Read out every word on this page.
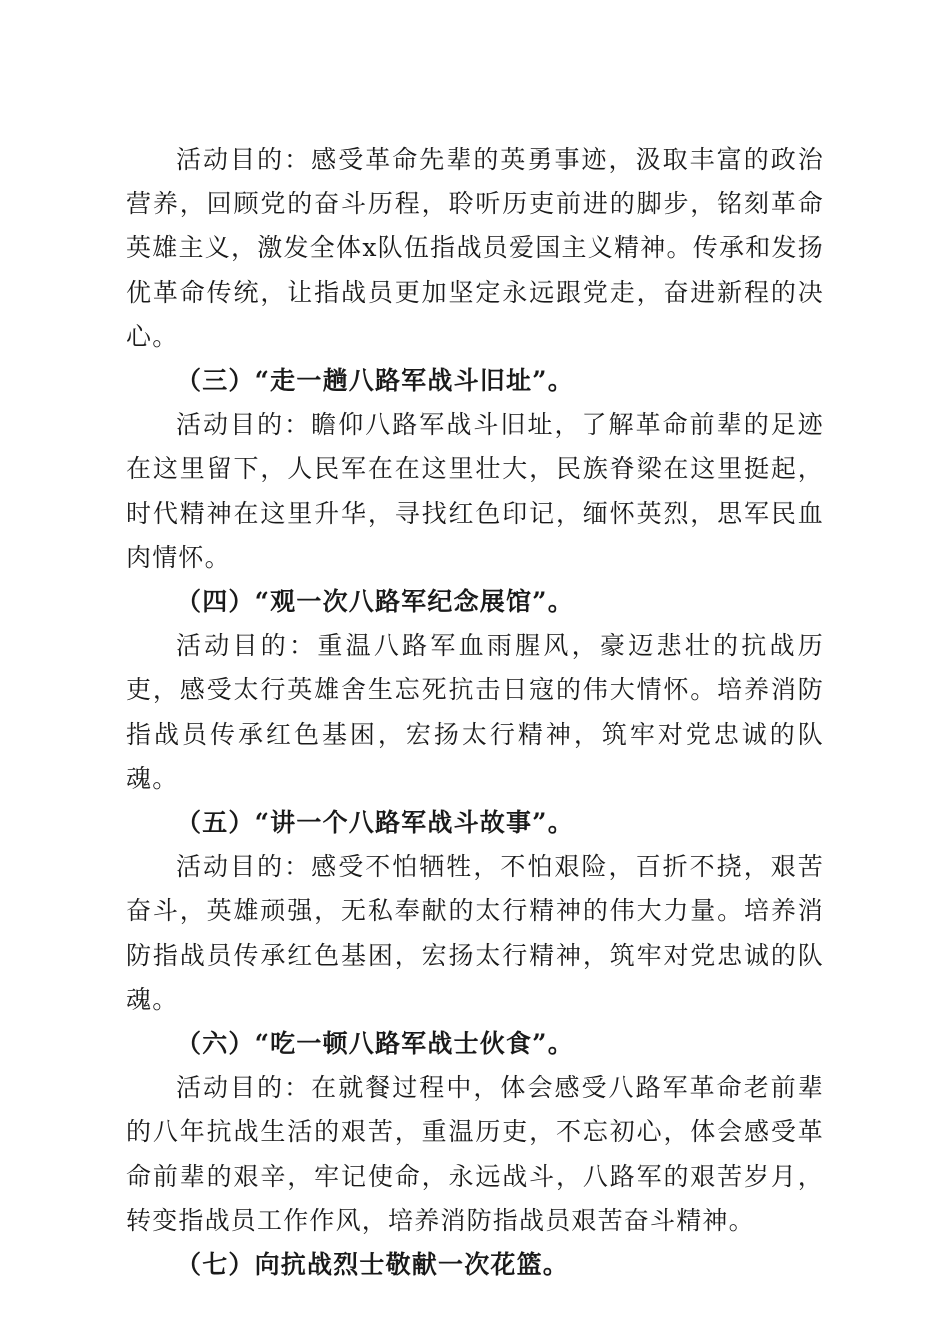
活动目的：感受革命先辈的英勇事迹，汲取丰富的政治营养，回顾党的奋斗历程，聆听历吏前进的脚步，铭刻革命英雄主义，激发全体x队伍指战员爱国主义精神。传承和发扬优革命传统，让指战员更加坚定永远跟党走，奋进新程的决心。

（三）“走一趟八路军战斗旧址”。

活动目的：瞻仰八路军战斗旧址，了解革命前辈的足迹在这里留下，人民军在在这里壮大，民族脊梁在这里挺起，时代精神在这里升华，寻找红色印记，缅怀英烈，思军民血肉情怀。

（四）“观一次八路军纪念展馆”。

活动目的：重温八路军血雨腥风，豪迈悲壮的抗战历吏，感受太行英雄舍生忘死抗击日寇的伟大情怀。培养消防指战员传承红色基困，宏扬太行精神，筑牢对党忠诚的队魂。

（五）“讲一个八路军战斗故事”。

活动目的：感受不怕牺牲，不怕艰险，百折不挠，艰苦奋斗，英雄顽强，无私奉献的太行精神的伟大力量。培养消防指战员传承红色基困，宏扬太行精神，筑牢对党忠诚的队魂。

（六）“吃一顿八路军战士伙食”。

活动目的：在就餐过程中，体会感受八路军革命老前辈的八年抗战生活的艰苦，重温历吏，不忘初心，体会感受革命前辈的艰辛，牢记使命，永远战斗，八路军的艰苦岁月，转变指战员工作作风，培养消防指战员艰苦奋斗精神。

（七）向抗战烈士敬献一次花篮。
